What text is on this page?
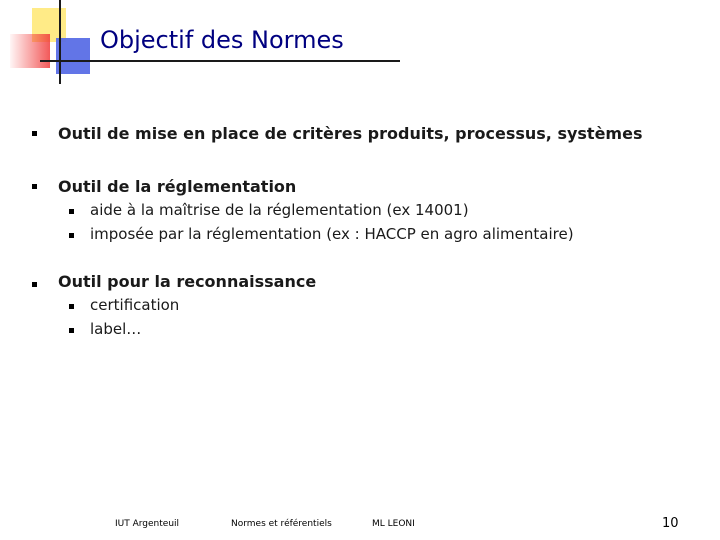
Objectif des Normes
Outil de mise en place de critères produits, processus, systèmes
Outil de la réglementation
aide à la maîtrise de la réglementation (ex 14001)
imposée par la réglementation (ex : HACCP en agro alimentaire)
Outil pour la reconnaissance
certification
label…
IUT Argenteuil	Normes et référentiels	ML LEONI	10
